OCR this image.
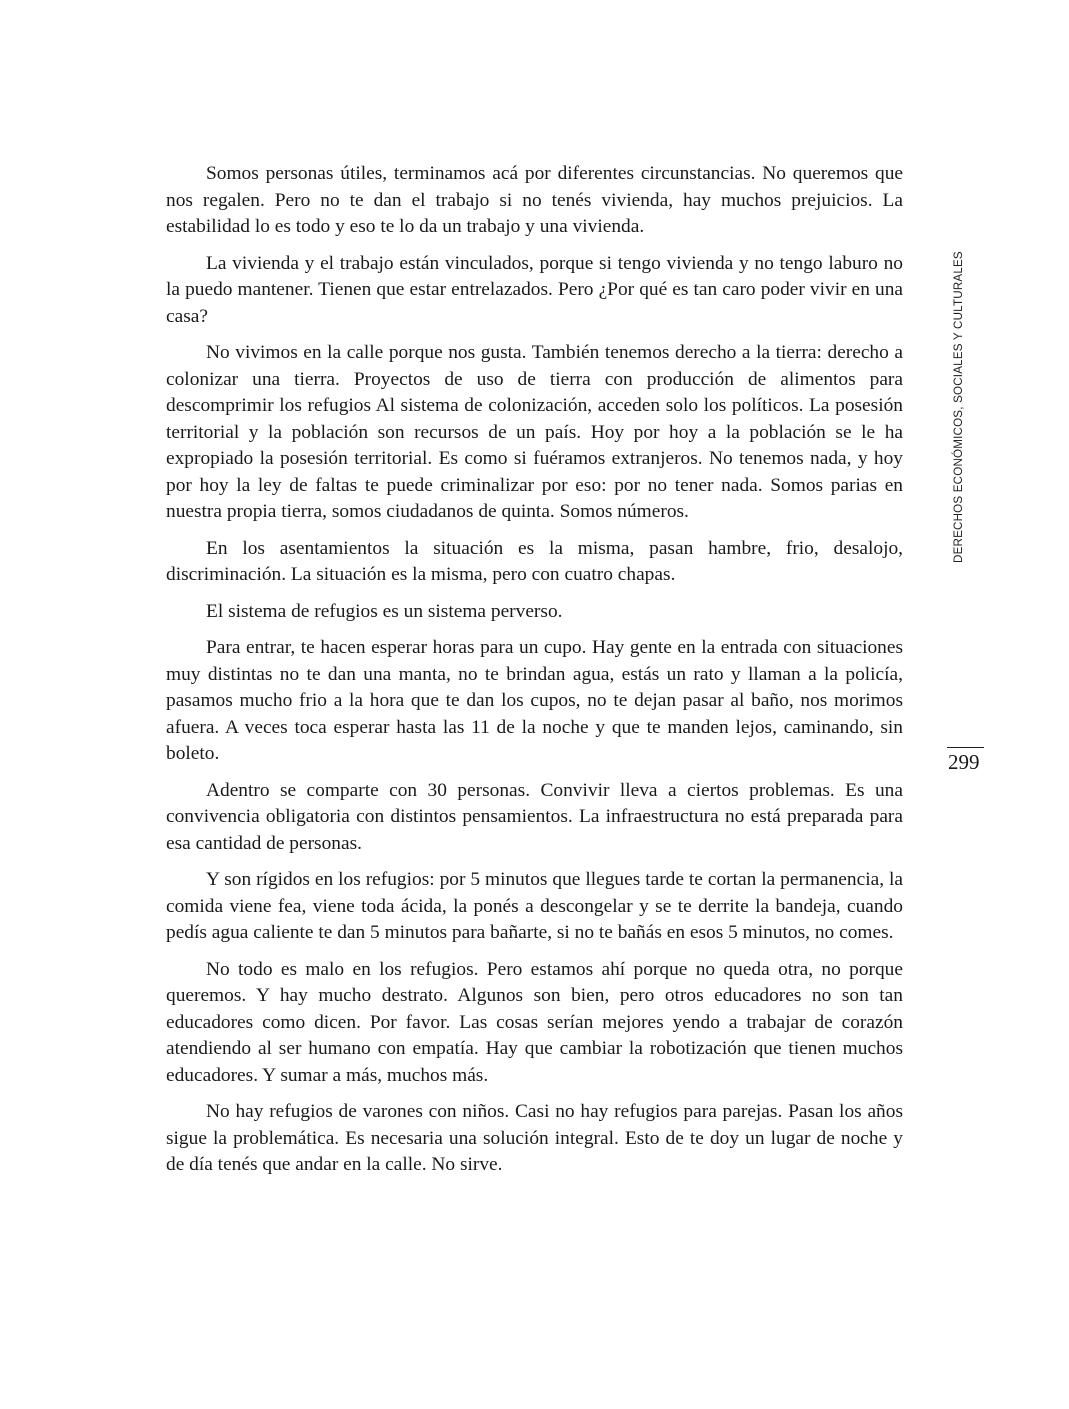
Somos personas útiles, terminamos acá por diferentes circunstancias. No queremos que nos regalen. Pero no te dan el trabajo si no tenés vivienda, hay muchos prejuicios. La estabilidad lo es todo y eso te lo da un trabajo y una vivienda.

La vivienda y el trabajo están vinculados, porque si tengo vivienda y no tengo laburo no la puedo mantener. Tienen que estar entrelazados. Pero ¿Por qué es tan caro poder vivir en una casa?

No vivimos en la calle porque nos gusta. También tenemos derecho a la tierra: derecho a colonizar una tierra. Proyectos de uso de tierra con producción de alimentos para descomprimir los refugios Al sistema de colonización, acceden solo los políticos. La posesión territorial y la población son recursos de un país. Hoy por hoy a la población se le ha expropiado la posesión territorial. Es como si fuéramos extranjeros. No tenemos nada, y hoy por hoy la ley de faltas te puede criminalizar por eso: por no tener nada. Somos parias en nuestra propia tierra, somos ciudadanos de quinta. Somos números.

En los asentamientos la situación es la misma, pasan hambre, frio, desalojo, discriminación. La situación es la misma, pero con cuatro chapas.

El sistema de refugios es un sistema perverso.

Para entrar, te hacen esperar horas para un cupo. Hay gente en la entrada con situaciones muy distintas no te dan una manta, no te brindan agua, estás un rato y llaman a la policía, pasamos mucho frio a la hora que te dan los cupos, no te dejan pasar al baño, nos morimos afuera. A veces toca esperar hasta las 11 de la noche y que te manden lejos, caminando, sin boleto.

Adentro se comparte con 30 personas. Convivir lleva a ciertos problemas. Es una convivencia obligatoria con distintos pensamientos. La infraestructura no está preparada para esa cantidad de personas.

Y son rígidos en los refugios: por 5 minutos que llegues tarde te cortan la permanencia, la comida viene fea, viene toda ácida, la ponés a descongelar y se te derrite la bandeja, cuando pedís agua caliente te dan 5 minutos para bañarte, si no te bañás en esos 5 minutos, no comes.

No todo es malo en los refugios. Pero estamos ahí porque no queda otra, no porque queremos. Y hay mucho destrato. Algunos son bien, pero otros educadores no son tan educadores como dicen. Por favor. Las cosas serían mejores yendo a trabajar de corazón atendiendo al ser humano con empatía. Hay que cambiar la robotización que tienen muchos educadores. Y sumar a más, muchos más.

No hay refugios de varones con niños. Casi no hay refugios para parejas. Pasan los años sigue la problemática. Es necesaria una solución integral. Esto de te doy un lugar de noche y de día tenés que andar en la calle. No sirve.

DERECHOS ECONÓMICOS, SOCIALES Y CULTURALES
299
